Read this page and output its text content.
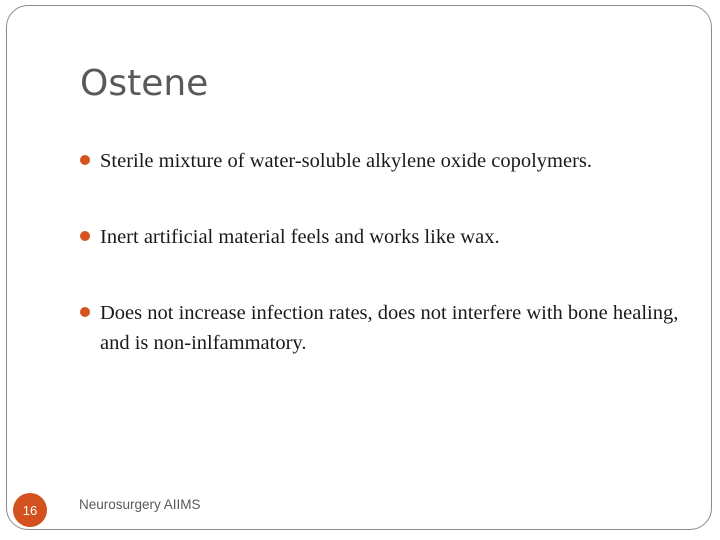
Ostene
Sterile mixture of water-soluble alkylene oxide copolymers.
Inert artificial material feels and works like wax.
Does not increase infection rates, does not interfere with bone healing, and is non-inlfammatory.
16	Neurosurgery AIIMS
